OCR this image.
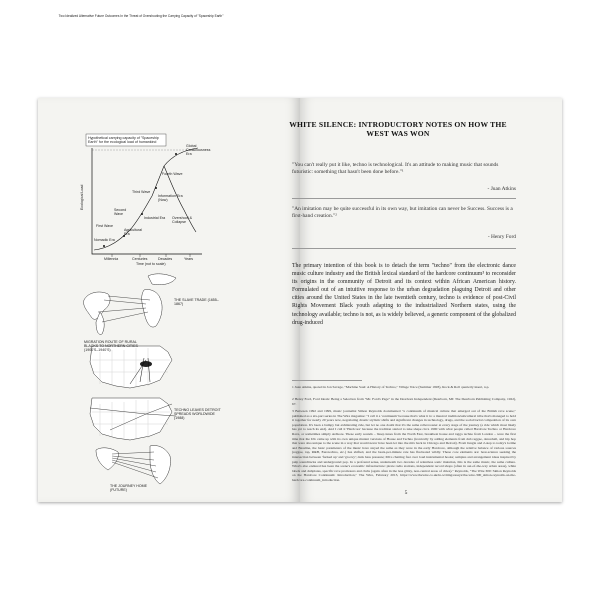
Two Idealized Alternative Future Outcomes In the Threat of Overshooting the Carrying Capacity of "Spaceship Earth"
Hypothetical carrying capacity of "Spaceship Earth" for the ecological load of humankind
Ecological Load
Time (not to scale)
Millennia	Centuries	Decades	Years
Fourth Wave
Global Consciousness Era
Third Wave
Information Era (Now)
Second Wave
Industrial Era
First Wave
Agricultural Era
Nomadic Era
Overshoot & Collapse
THE SLAVE TRADE (1655–1867)
MIGRATION ROUTE OF RURAL BLACKS TO NORTHERN CITIES (1900'S–1940'S)
TECHNO LEAVES DETROIT SPREADS WORLDWIDE (1988)
THE JOURNEY HOME (FUTURE)
WHITE SILENCE: INTRODUCTORY NOTES ON HOW THE WEST WAS WON
"You can't really put it like, techno is technological. It's an attitude to making music that sounds futuristic: something that hasn't been done before."¹
- Juan Atkins
"An imitation may be quite successful in its own way, but imitation can never be Success. Success is a first-hand creation."²
- Henry Ford
The primary intention of this book is to detach the term "techno" from the electronic dance music culture industry and the British lexical standard of the hardcore continuum³ to reconsider its origins in the community of Detroit and its context within African American history. Formulated out of an intuitive response to the urban degradation plaguing Detroit and other cities around the United States in the late twentieth century, techno is evidence of post-Civil Rights Movement Black youth adapting to the industrialized Northern states, using the technology available; techno is not, as is widely believed, a generic component of the globalized drug-induced
1 Juan Atkins, quoted in Jon Savage, "Machine Soul: A History of Techno," Village Voice (Summer 1993), Rock & Roll quarterly insert, n.p.
2 Henry Ford, Ford Ideals: Being a Selection from "Mr. Ford's Page" in the Dearborn Independent (Dearborn, MI: The Dearborn Publishing Company, 1922), 67.
3 Between 1992 and 1999, music journalist Simon Reynolds documented "a continuum of musical culture that emerged out of the British rave scene," published as a six-part series in The Wire magazine: "I call it a 'continuum' because that's what it is: a musical tradition/subcultural tribe that's managed to hold it together for nearly 20 years now, negotiating drastic stylistic shifts and significant changes in technology, drugs, and the social/racial composition of its own population. It's been a bumpy but exhilarating ride, but let no one doubt that it's the same rollercoaster at every stage of the journey (a ride which most likely has yet to reach its end). And I call it 'Hardcore' because the tradition started to take shape circa 1990 with what people called Hardcore Techno or Hardcore Rave, or sometimes simply Ardkore. These early sounds – bleep tunes from the North East, breakbeat house and ragga techno from London – were the first time that the UK came up with its own unique mutant versions of House and Techno (ironically by adding elements from dub reggae, dancehall, and hip hop that were also unique to the scene in a way that would never have been let into the mix back in Chicago and Detroit). From Jungle and 2-step to today's Grime and Bassline, the basic parameters of the music have stayed the same as they were in the early Hardcore, although the relative balance of various sources (reggae, rap, R&B, Eurotechno, etc.) has shifted, and the beats-per-minute rate has fluctuated wildly. These core elements are: beat-science seeking the intersection between 'fucked up' and 'groovy'; dark bass pressure; MCs chatting fast over loud instrumental hooks; samples and arrangement ideas inspired by pulp soundtracks and underground pop. In a profound sense, underneath two decades of relentless sonic mutation, this is the same music, the same culture. What's also endured has been the scene's economic infrastructure: pirate radio stations, independent record shops (often in out-of-the-way urban areas), white labels and dubplates, specific rave promoters and clubs (again often in the less glitzy, non-central areas of cities)." Reynolds, "The Wire 300: Simon Reynolds on the Hardcore Continuum: Introduction," The Wire, February 2013, https://www.thewire.co.uk/in-writing/essays/the-wire-300_simon-reynolds-on-the-hardcore-continuum_introduction.
5
